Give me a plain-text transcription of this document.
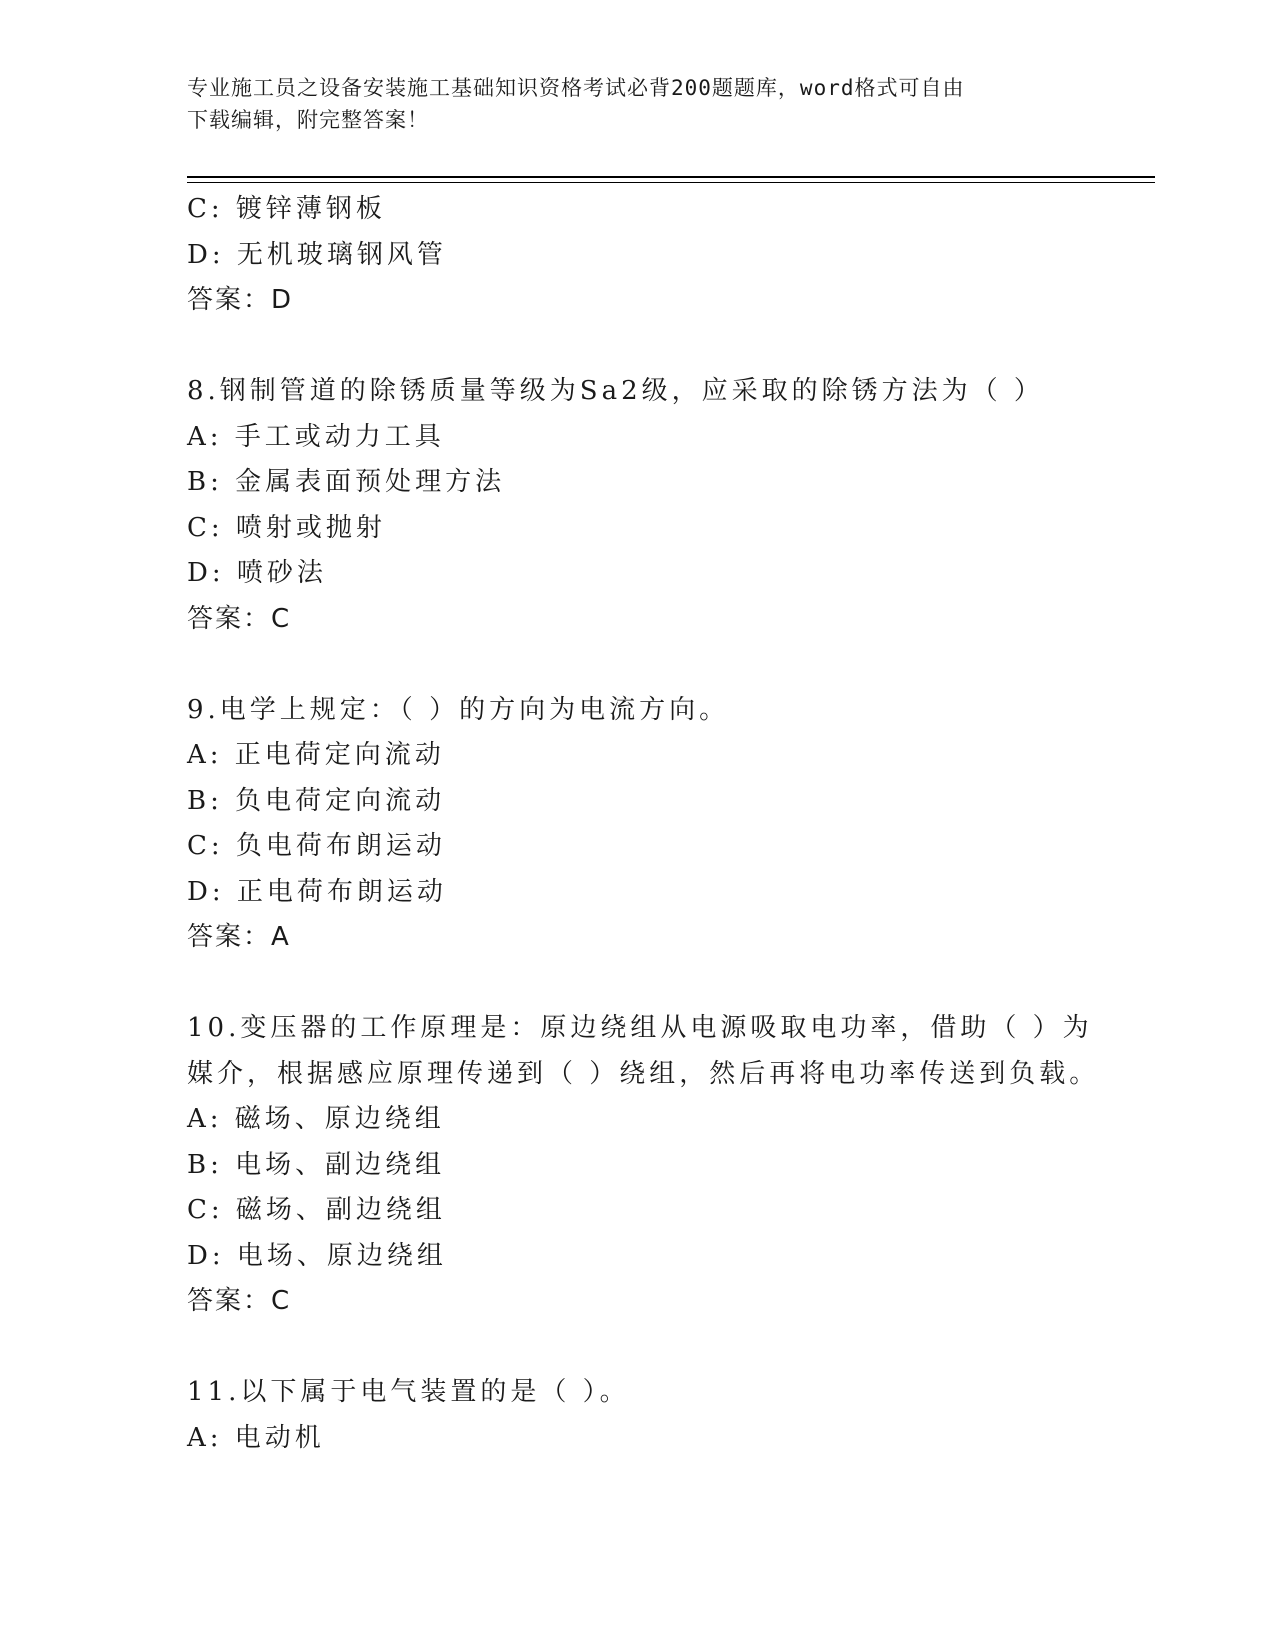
专业施工员之设备安装施工基础知识资格考试必背200题题库，word格式可自由
下载编辑，附完整答案！
C: 镀锌薄钢板
D: 无机玻璃钢风管
答案：D
8.钢制管道的除锈质量等级为Sa2级，应采取的除锈方法为（ ）
A: 手工或动力工具
B: 金属表面预处理方法
C: 喷射或抛射
D: 喷砂法
答案：C
9.电学上规定：（ ）的方向为电流方向。
A: 正电荷定向流动
B: 负电荷定向流动
C: 负电荷布朗运动
D: 正电荷布朗运动
答案：A
10.变压器的工作原理是：原边绕组从电源吸取电功率，借助（ ）为
媒介，根据感应原理传递到（ ）绕组，然后再将电功率传送到负载。
A: 磁场、原边绕组
B: 电场、副边绕组
C: 磁场、副边绕组
D: 电场、原边绕组
答案：C
11.以下属于电气装置的是（ ）。
A: 电动机
